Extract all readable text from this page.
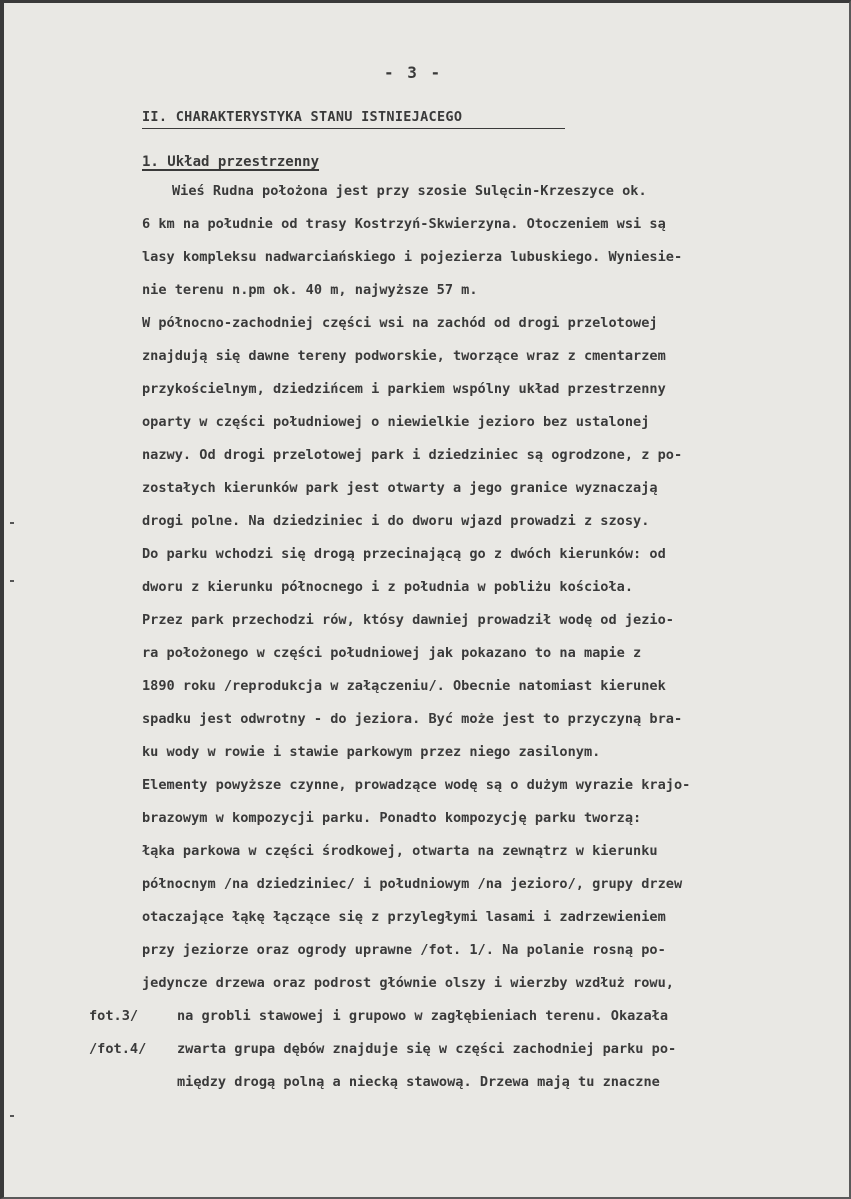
- 3 -
II. CHARAKTERYSTYKA STANU ISTNIEJACEGO
1. Układ przestrzenny
Wieś Rudna położona jest przy szosie Sulęcin-Krzeszyce ok.
6 km na południe od trasy Kostrzyń-Skwierzyna. Otoczeniem wsi są
lasy kompleksu nadwarciańskiego i pojezierza lubuskiego. Wyniesie-
nie terenu n.pm ok. 40 m, najwyższe 57 m.
W północno-zachodniej części wsi na zachód od drogi przelotowej
znajdują się dawne tereny podworskie, tworzące wraz z cmentarzem
przykościelnym, dziedzińcem i parkiem wspólny układ przestrzenny
oparty w części południowej o niewielkie jezioro bez ustalonej
nazwy. Od drogi przelotowej park i dziedziniec są ogrodzone, z po-
zostałych kierunków park jest otwarty a jego granice wyznaczają
drogi polne. Na dziedziniec i do dworu wjazd prowadzi z szosy.
Do parku wchodzi się drogą przecinającą go z dwóch kierunków: od
dworu z kierunku północnego i z południa w pobliżu kościoła.
Przez park przechodzi rów, któsy dawniej prowadził wodę od jezio-
ra położonego w części południowej jak pokazano to na mapie z
1890 roku /reprodukcja w załączeniu/. Obecnie natomiast kierunek
spadku jest odwrotny - do jeziora. Być może jest to przyczyną bra-
ku wody w rowie i stawie parkowym przez niego zasilonym.
Elementy powyższe czynne, prowadzące wodę są o dużym wyrazie krajo-
brazowym w kompozycji parku. Ponadto kompozycję parku tworzą:
łąka parkowa w części środkowej, otwarta na zewnątrz w kierunku
północnym /na dziedziniec/ i południowym /na jezioro/, grupy drzew
otaczające łąkę łączące się z przyległymi lasami i zadrzewieniem
przy jeziorze oraz ogrody uprawne /fot. 1/. Na polanie rosną po-
jedyncze drzewa oraz podrost głównie olszy i wierzby wzdłuż rowu,
na grobli stawowej i grupowo w zagłębieniach terenu. Okazała
zwarta grupa dębów znajduje się w części zachodniej parku po-
między drogą polną a niecką stawową. Drzewa mają tu znaczne
fot.3/
/fot.4/
